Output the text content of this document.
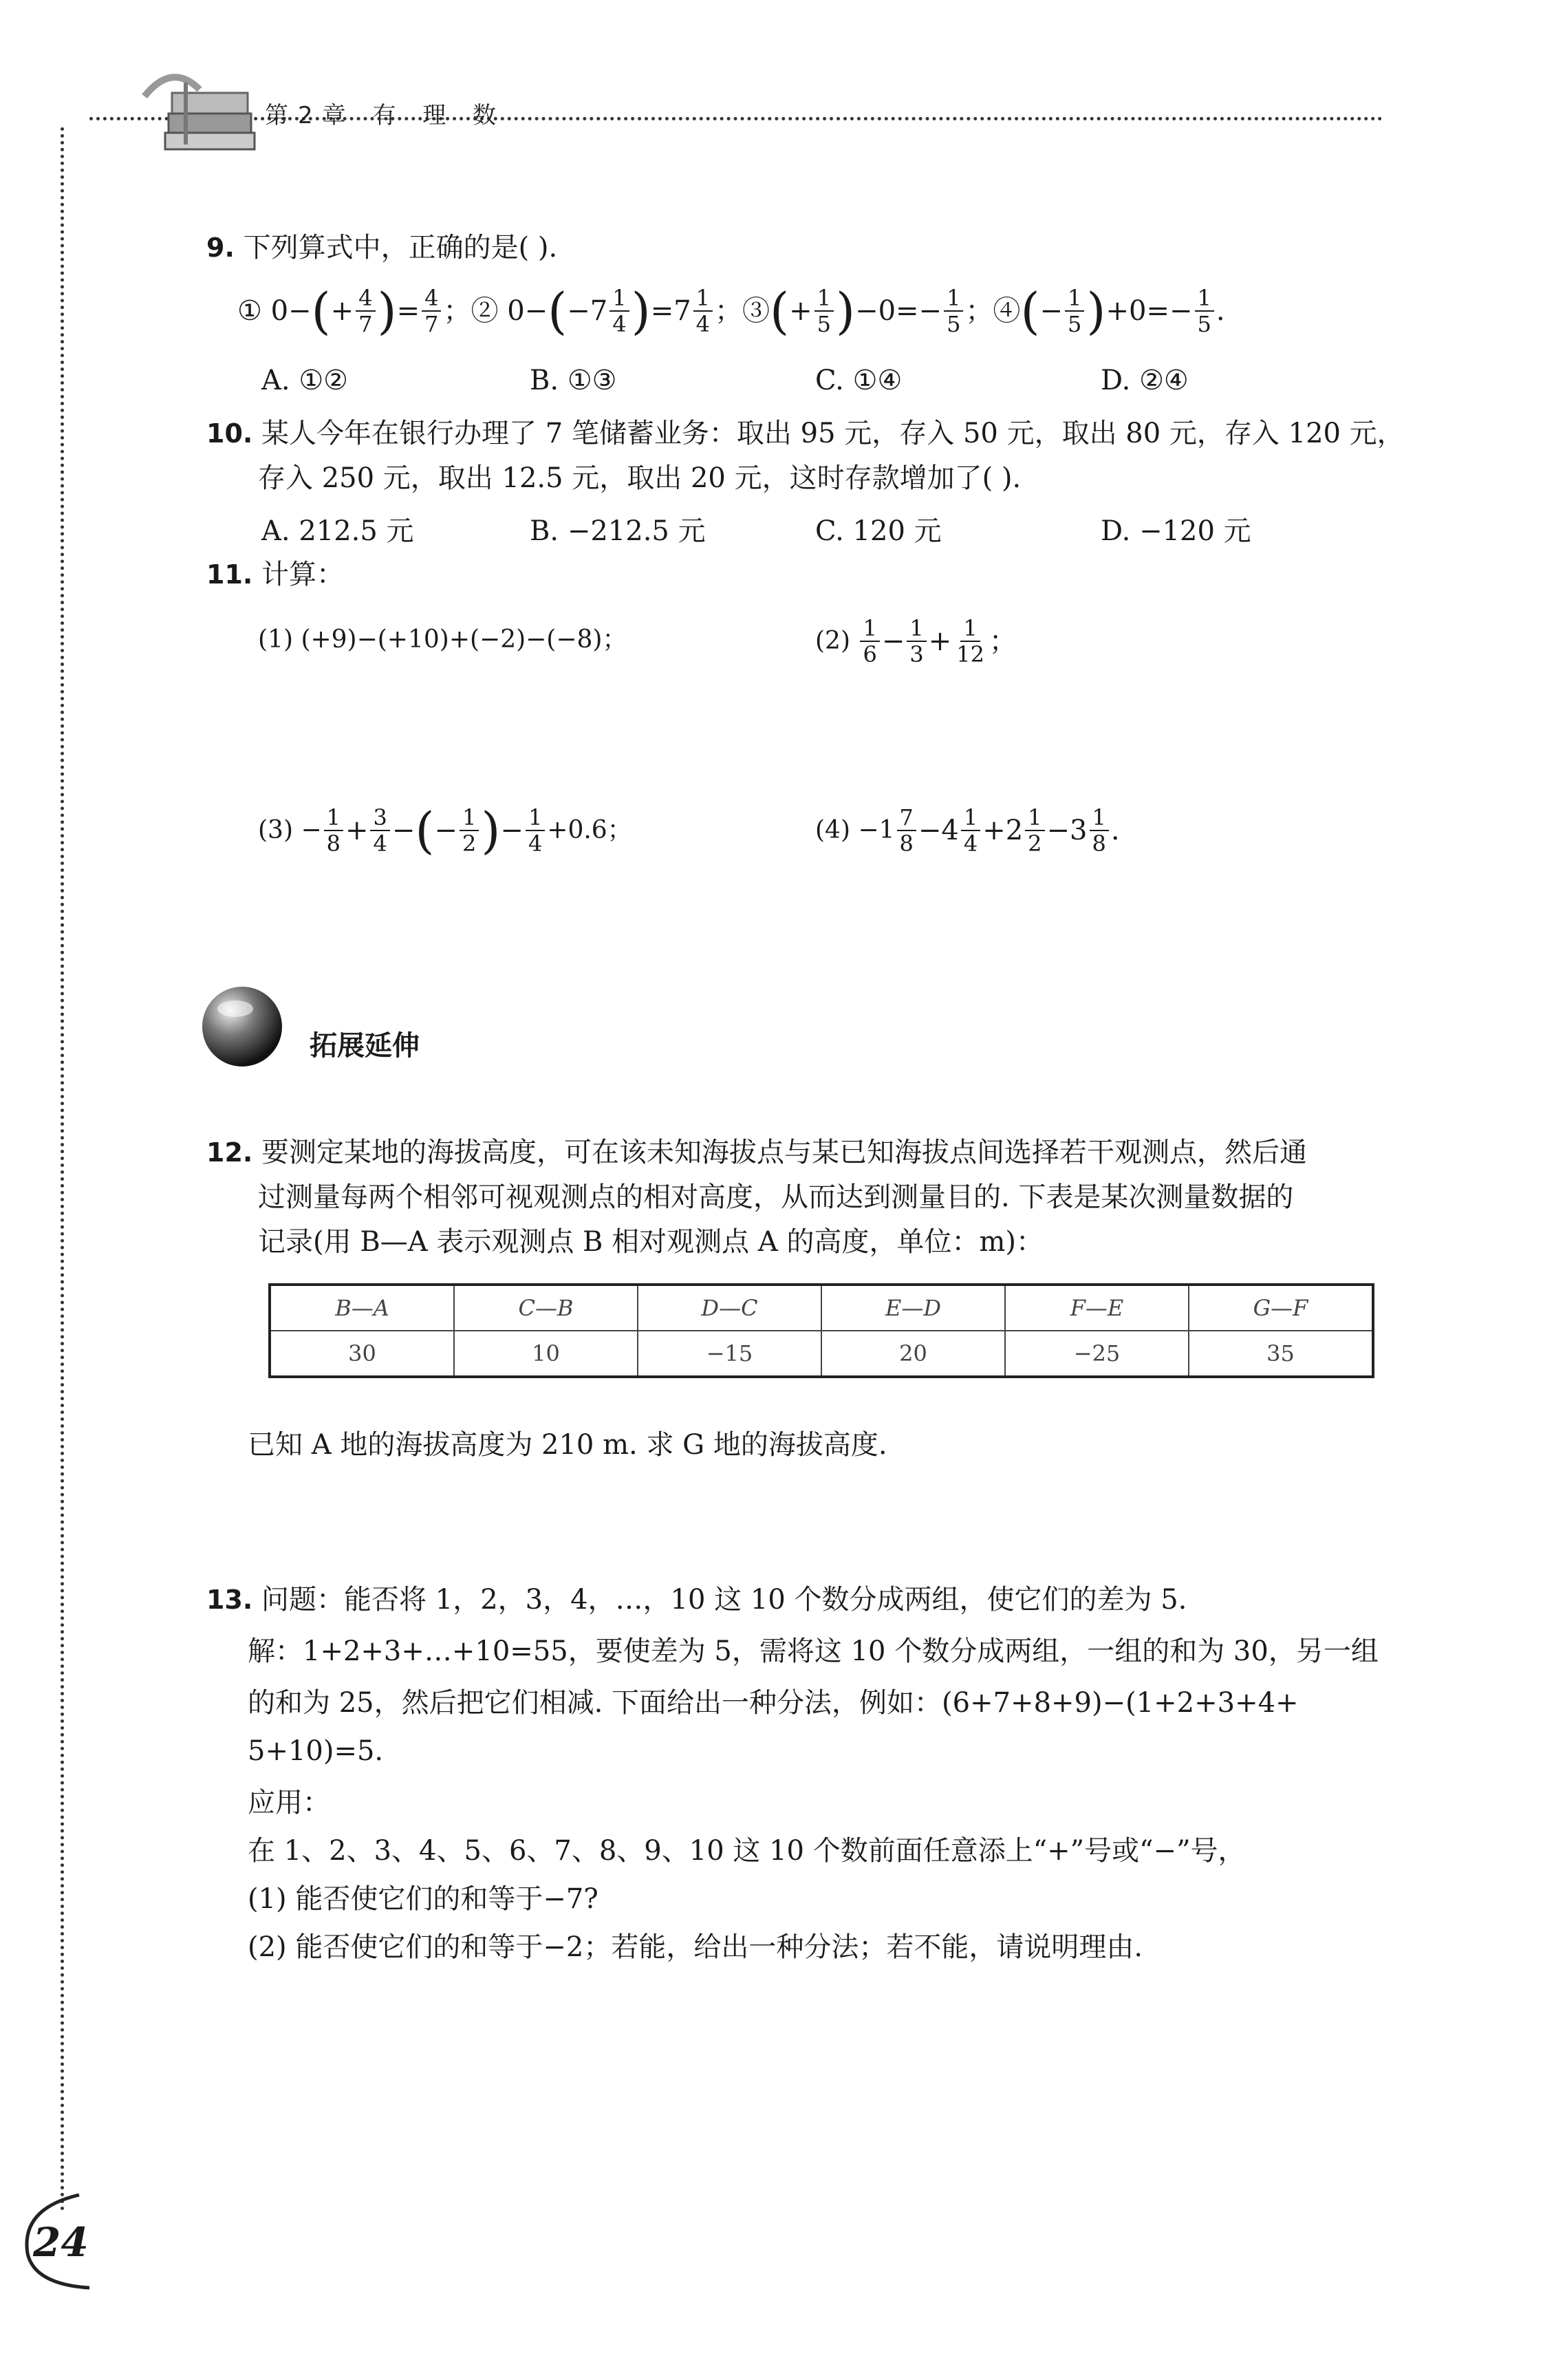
第2章 有 理 数
9. 下列算式中，正确的是( ).
① $0-(+ \frac{4}{7}$ )= $\frac{4}{7}$ ；② $0-(-7 \frac{1}{4} )=7 \frac{1}{4}$ ；③(+ $\frac{1}{5} )-0=- \frac{1}{5}$ ；④(− $\frac{1}{5} )+0=- \frac{1}{5}$ .
A. ①②	B. ①③	C. ①④	D. ②④
10. 某人今年在银行办理了 7 笔储蓄业务：取出 95 元，存入 50 元，取出 80 元，存入 120 元，
存入 250 元，取出 12.5 元，取出 20 元，这时存款增加了( ).
A. 212.5 元	B. −212.5 元	C. 120 元	D. −120 元
11. 计算：
(1) (+9)−(+10)+(−2)−(−8)；	$(2) \frac{1}{6} - \frac{1}{3} + \frac{1}{12}$ ；
$(3) - \frac{1}{8} + \frac{3}{4}$ −(− $\frac{1}{2}$ )− $\frac{1}{4} +0.6$；	$(4) -1 \frac{7}{8} -4 \frac{1}{4} +2 \frac{1}{2} -3 \frac{1}{8}$ .
拓展延伸
12. 要测定某地的海拔高度，可在该未知海拔点与某已知海拔点间选择若干观测点，然后通
过测量每两个相邻可视观测点的相对高度，从而达到测量目的. 下表是某次测量数据的
记录(用 B—A 表示观测点 B 相对观测点 A 的高度，单位：m)：
B—A	C—B	D—C	E—D	F—E	G—F
30	10	−15	20	−25	35
已知 A 地的海拔高度为 210 m. 求 G 地的海拔高度.
13. 问题：能否将 1，2，3，4，…，10 这 10 个数分成两组，使它们的差为 5.
解：1+2+3+…+10=55，要使差为 5，需将这 10 个数分成两组，一组的和为 30，另一组
的和为 25，然后把它们相减. 下面给出一种分法，例如：(6+7+8+9)−(1+2+3+4+
5+10)=5.
应用：
在 1、2、3、4、5、6、7、8、9、10 这 10 个数前面任意添上“+”号或“−”号，
(1) 能否使它们的和等于−7?
(2) 能否使它们的和等于−2；若能，给出一种分法；若不能，请说明理由.
24
